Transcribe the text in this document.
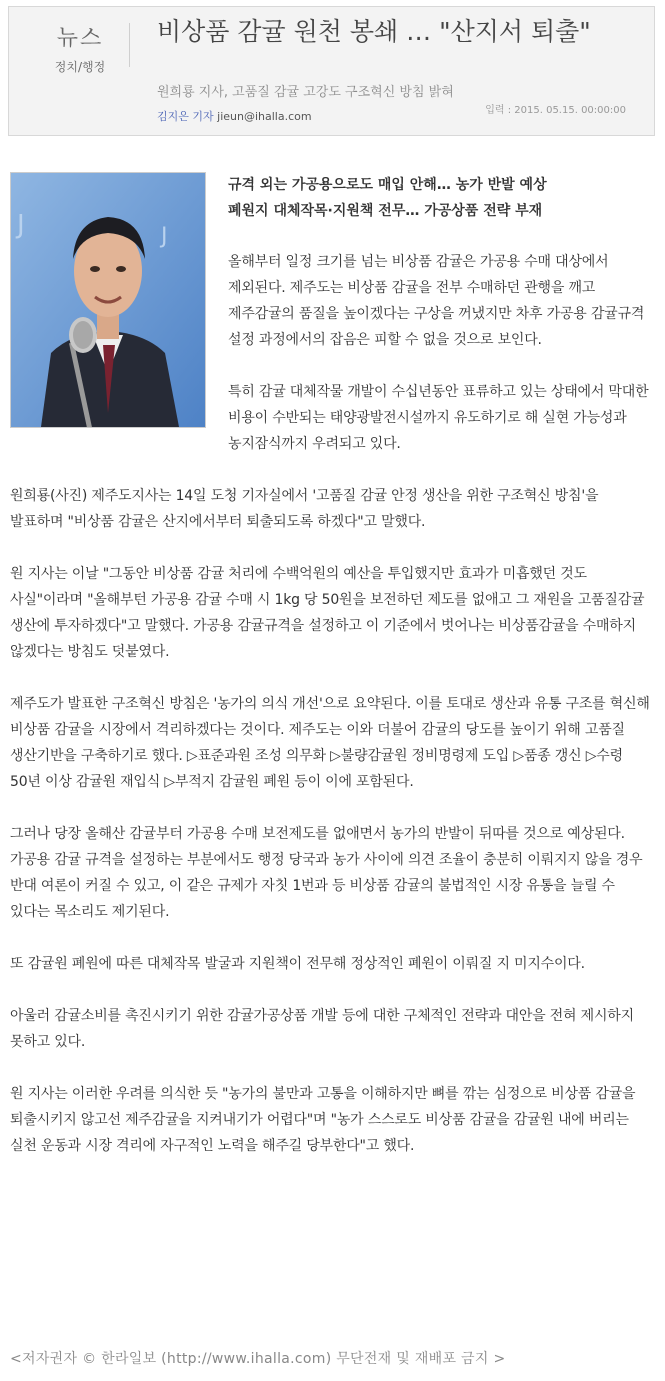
뉴스
정치/행정
비상품 감귤 원천 봉쇄 … "산지서 퇴출"
원희룡 지사, 고품질 감귤 고강도 구조혁신 방침 밝혀
김지은 기자 jieun@ihalla.com	입력 : 2015. 05.15. 00:00:00
J	J

규격 외는 가공용으로도 매입 안해… 농가 반발 예상
폐원지 대체작목·지원책 전무… 가공상품 전략 부재

올해부터 일정 크기를 넘는 비상품 감귤은 가공용 수매 대상에서 제외된다. 제주도는 비상품 감귤을 전부 수매하던 관행을 깨고 제주감귤의 품질을 높이겠다는 구상을 꺼냈지만 차후 가공용 감귤규격 설정 과정에서의 잡음은 피할 수 없을 것으로 보인다.

특히 감귤 대체작물 개발이 수십년동안 표류하고 있는 상태에서 막대한 비용이 수반되는 태양광발전시설까지 유도하기로 해 실현 가능성과 농지잠식까지 우려되고 있다.

원희룡(사진) 제주도지사는 14일 도청 기자실에서 '고품질 감귤 안정 생산을 위한 구조혁신 방침'을 발표하며 "비상품 감귤은 산지에서부터 퇴출되도록 하겠다"고 말했다.

원 지사는 이날 "그동안 비상품 감귤 처리에 수백억원의 예산을 투입했지만 효과가 미흡했던 것도 사실"이라며 "올해부턴 가공용 감귤 수매 시 1kg 당 50원을 보전하던 제도를 없애고 그 재원을 고품질감귤 생산에 투자하겠다"고 말했다. 가공용 감귤규격을 설정하고 이 기준에서 벗어나는 비상품감귤을 수매하지 않겠다는 방침도 덧붙였다.

제주도가 발표한 구조혁신 방침은 '농가의 의식 개선'으로 요약된다. 이를 토대로 생산과 유통 구조를 혁신해 비상품 감귤을 시장에서 격리하겠다는 것이다. 제주도는 이와 더불어 감귤의 당도를 높이기 위해 고품질 생산기반을 구축하기로 했다. ▷표준과원 조성 의무화 ▷불량감귤원 정비명령제 도입 ▷품종 갱신 ▷수령 50년 이상 감귤원 재입식 ▷부적지 감귤원 폐원 등이 이에 포함된다.

그러나 당장 올해산 감귤부터 가공용 수매 보전제도를 없애면서 농가의 반발이 뒤따를 것으로 예상된다. 가공용 감귤 규격을 설정하는 부분에서도 행정 당국과 농가 사이에 의견 조율이 충분히 이뤄지지 않을 경우 반대 여론이 커질 수 있고, 이 같은 규제가 자칫 1번과 등 비상품 감귤의 불법적인 시장 유통을 늘릴 수 있다는 목소리도 제기된다.

또 감귤원 폐원에 따른 대체작목 발굴과 지원책이 전무해 정상적인 폐원이 이뤄질 지 미지수이다.

아울러 감귤소비를 촉진시키기 위한 감귤가공상품 개발 등에 대한 구체적인 전략과 대안을 전혀 제시하지 못하고 있다.

원 지사는 이러한 우려를 의식한 듯 "농가의 불만과 고통을 이해하지만 뼈를 깎는 심정으로 비상품 감귤을 퇴출시키지 않고선 제주감귤을 지켜내기가 어렵다"며 "농가 스스로도 비상품 감귤을 감귤원 내에 버리는 실천 운동과 시장 격리에 자구적인 노력을 해주길 당부한다"고 했다.

<저자권자 © 한라일보 (http://www.ihalla.com) 무단전재 및 재배포 금지 >
